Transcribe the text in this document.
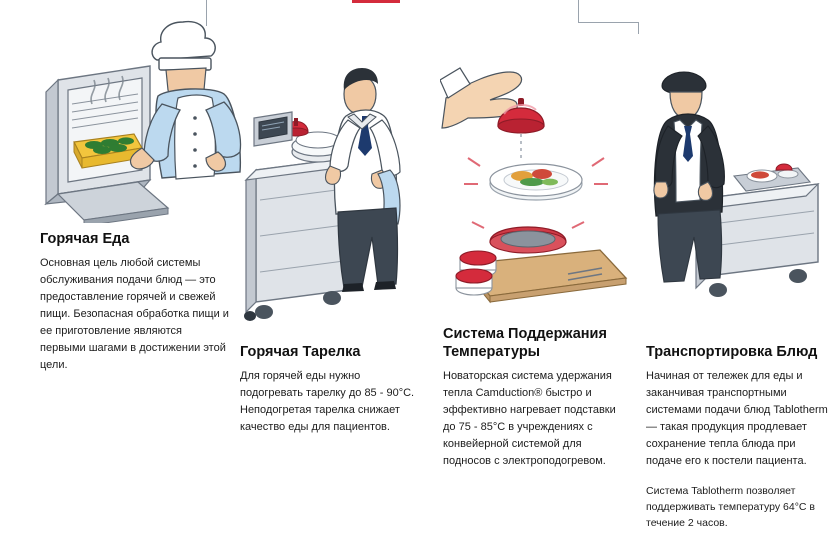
Горячая Еда

Основная цель любой системы обслуживания подачи блюд — это предоставление горячей и свежей пищи. Безопасная обработка пищи и ее приготовление являются первыми шагами в достижении этой цели.

Горячая Тарелка

Для горячей еды нужно подогревать тарелку до 85 - 90°C. Неподогретая тарелка снижает качество еды для пациентов.

Система Поддержания Температуры

Новаторская система удержания тепла Camduction® быстро и эффективно нагревает подставки до 75 - 85°C в учреждениях с конвейерной системой для подносов с электроподогревом.

Транспортировка Блюд

Начиная от тележек для еды и заканчивая транспортными системами подачи блюд Tablotherm — такая продукция продлевает сохранение тепла блюда при подаче его к постели пациента.

Система Tablotherm позволяет поддерживать температуру 64°C в течение 2 часов.
